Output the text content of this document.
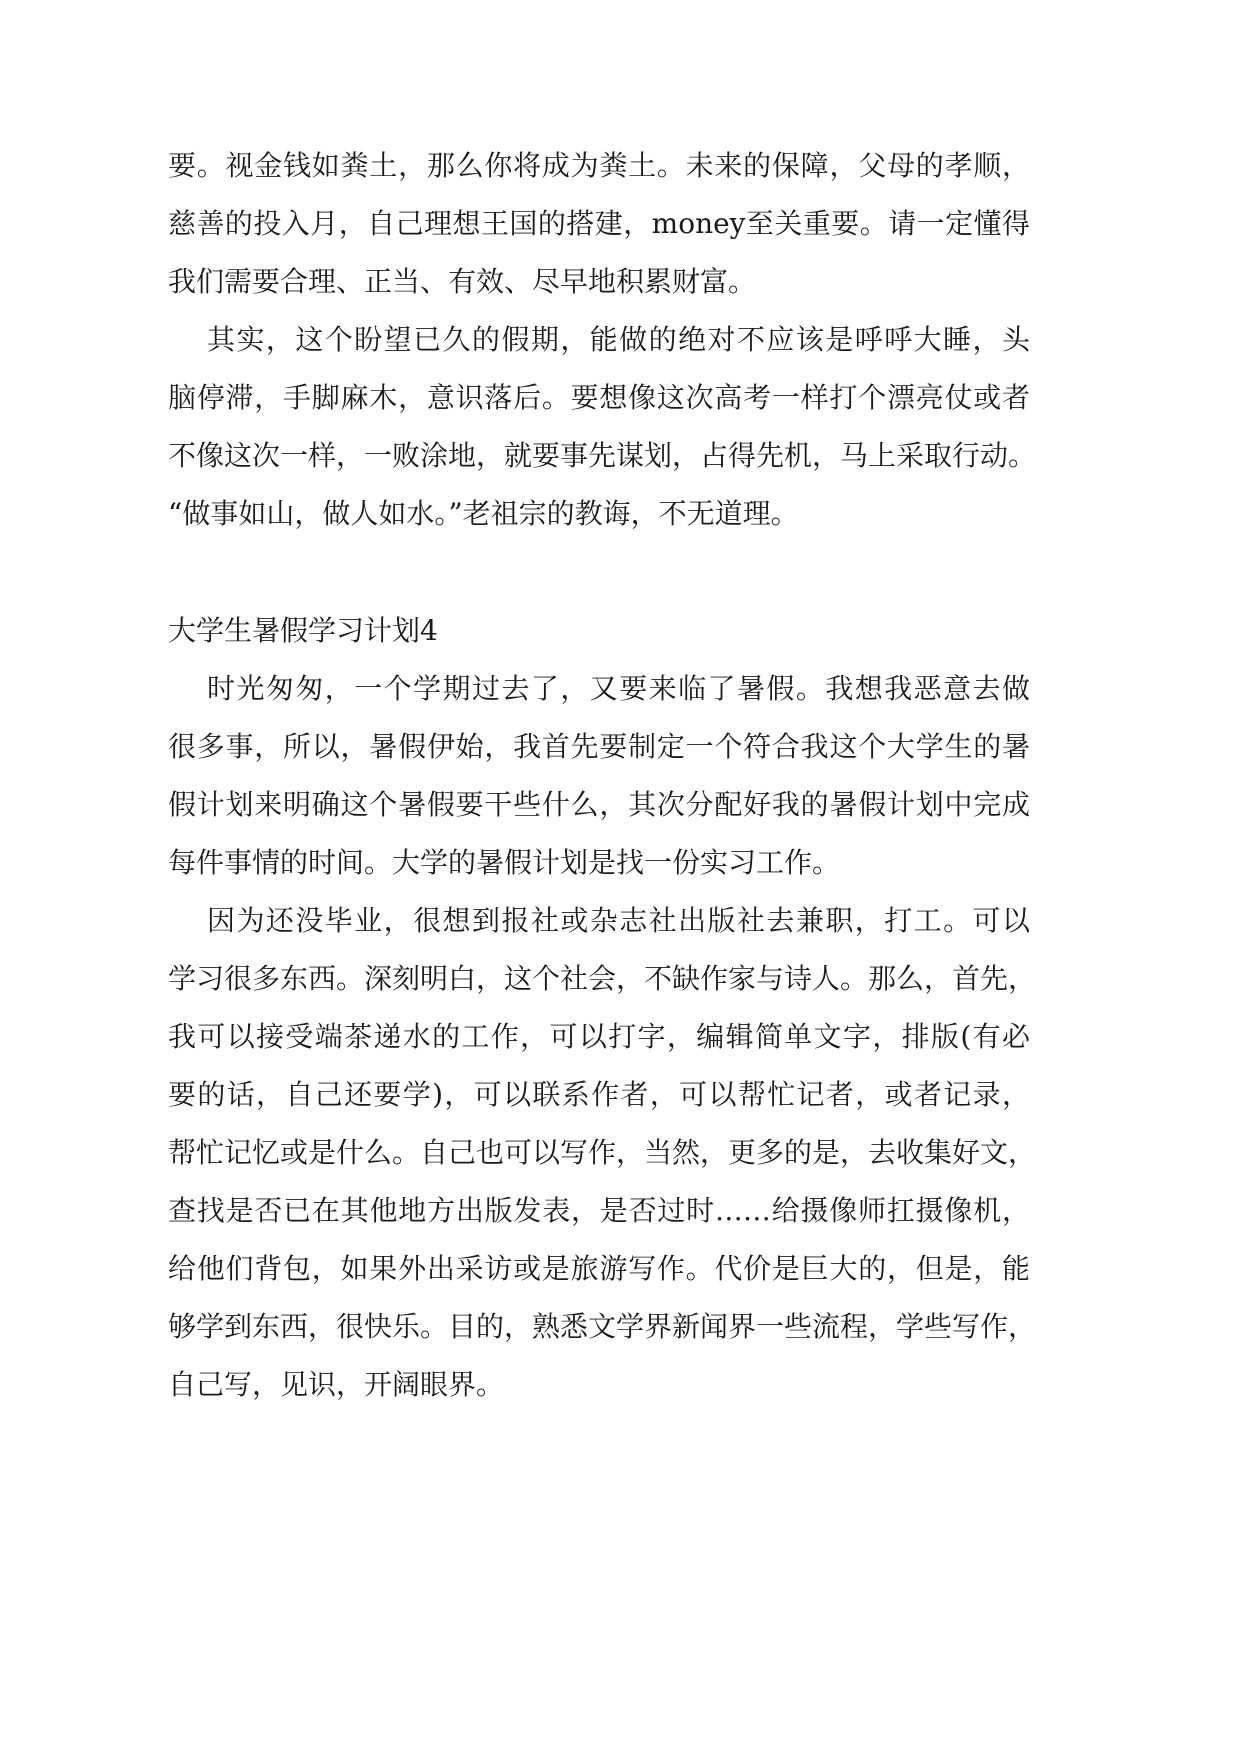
要。视金钱如粪土，那么你将成为粪土。未来的保障，父母的孝顺，
慈善的投入月，自己理想王国的搭建，money至关重要。请一定懂得
我们需要合理、正当、有效、尽早地积累财富。
其实，这个盼望已久的假期，能做的绝对不应该是呼呼大睡，头
脑停滞，手脚麻木，意识落后。要想像这次高考一样打个漂亮仗或者
不像这次一样，一败涂地，就要事先谋划，占得先机，马上采取行动。
“做事如山，做人如水。”老祖宗的教诲，不无道理。
大学生暑假学习计划4
时光匆匆，一个学期过去了，又要来临了暑假。我想我恶意去做
很多事，所以，暑假伊始，我首先要制定一个符合我这个大学生的暑
假计划来明确这个暑假要干些什么，其次分配好我的暑假计划中完成
每件事情的时间。大学的暑假计划是找一份实习工作。
因为还没毕业，很想到报社或杂志社出版社去兼职，打工。可以
学习很多东西。深刻明白，这个社会，不缺作家与诗人。那么，首先，
我可以接受端茶递水的工作，可以打字，编辑简单文字，排版(有必
要的话，自己还要学)，可以联系作者，可以帮忙记者，或者记录，
帮忙记忆或是什么。自己也可以写作，当然，更多的是，去收集好文，
查找是否已在其他地方出版发表，是否过时……给摄像师扛摄像机，
给他们背包，如果外出采访或是旅游写作。代价是巨大的，但是，能
够学到东西，很快乐。目的，熟悉文学界新闻界一些流程，学些写作，
自己写，见识，开阔眼界。
